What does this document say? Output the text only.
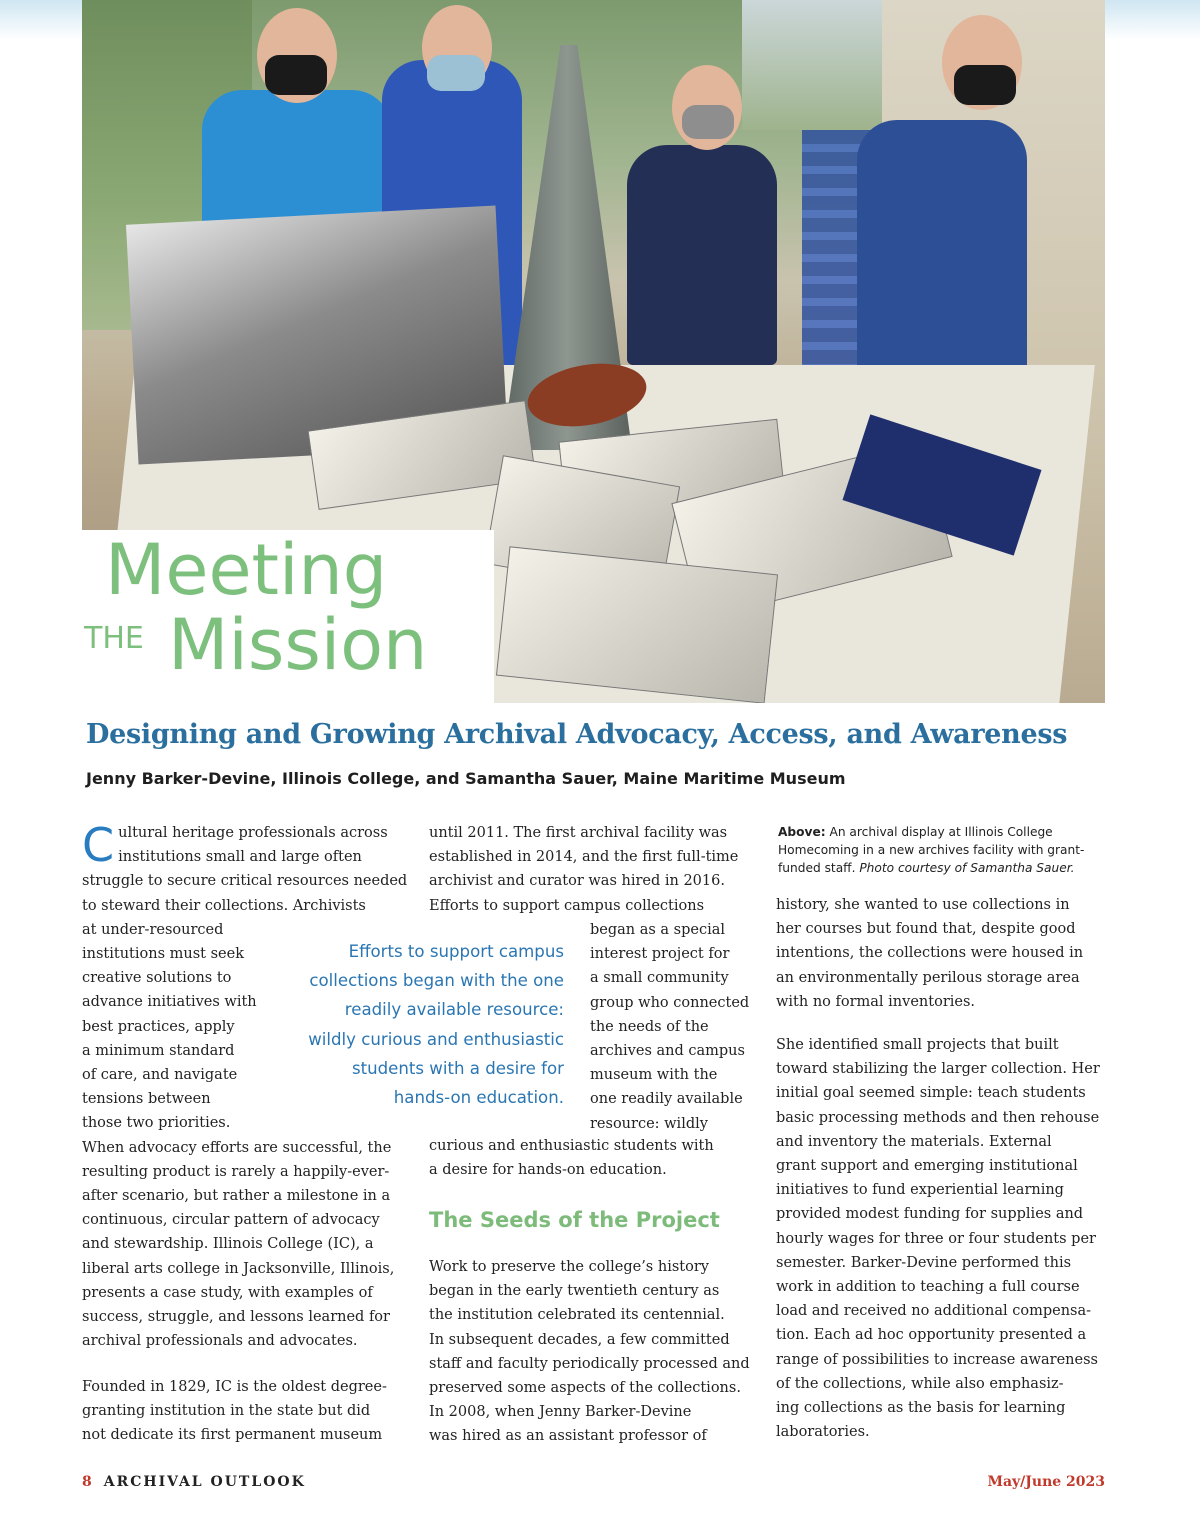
Meeting
THE Mission
Designing and Growing Archival Advocacy, Access, and Awareness
Jenny Barker-Devine, Illinois College, and Samantha Sauer, Maine Maritime Museum
C ultural heritage professionals across
institutions small and large often
struggle to secure critical resources needed
to steward their collections. Archivists
at under-resourced
institutions must seek
creative solutions to
advance initiatives with
best practices, apply
a minimum standard
of care, and navigate
tensions between
those two priorities.
When advocacy efforts are successful, the
resulting product is rarely a happily-ever-
after scenario, but rather a milestone in a
continuous, circular pattern of advocacy
and stewardship. Illinois College (IC), a
liberal arts college in Jacksonville, Illinois,
presents a case study, with examples of
success, struggle, and lessons learned for
archival professionals and advocates.
Founded in 1829, IC is the oldest degree-
granting institution in the state but did
not dedicate its first permanent museum
Efforts to support campus
collections began with the one
readily available resource:
wildly curious and enthusiastic
students with a desire for
hands-on education.
until 2011. The first archival facility was
established in 2014, and the first full-time
archivist and curator was hired in 2016.
Efforts to support campus collections
began as a special
interest project for
a small community
group who connected
the needs of the
archives and campus
museum with the
one readily available
resource: wildly
curious and enthusiastic students with
a desire for hands-on education.
The Seeds of the Project
Work to preserve the college’s history
began in the early twentieth century as
the institution celebrated its centennial.
In subsequent decades, a few committed
staff and faculty periodically processed and
preserved some aspects of the collections.
In 2008, when Jenny Barker-Devine
was hired as an assistant professor of
Above: An archival display at Illinois College Homecoming in a new archives facility with grant-funded staff. Photo courtesy of Samantha Sauer.
history, she wanted to use collections in
her courses but found that, despite good
intentions, the collections were housed in
an environmentally perilous storage area
with no formal inventories.
She identified small projects that built
toward stabilizing the larger collection. Her
initial goal seemed simple: teach students
basic processing methods and then rehouse
and inventory the materials. External
grant support and emerging institutional
initiatives to fund experiential learning
provided modest funding for supplies and
hourly wages for three or four students per
semester. Barker-Devine performed this
work in addition to teaching a full course
load and received no additional compensa-
tion. Each ad hoc opportunity presented a
range of possibilities to increase awareness
of the collections, while also emphasiz-
ing collections as the basis for learning
laboratories.
8 ARCHIVAL OUTLOOK	May/June 2023
